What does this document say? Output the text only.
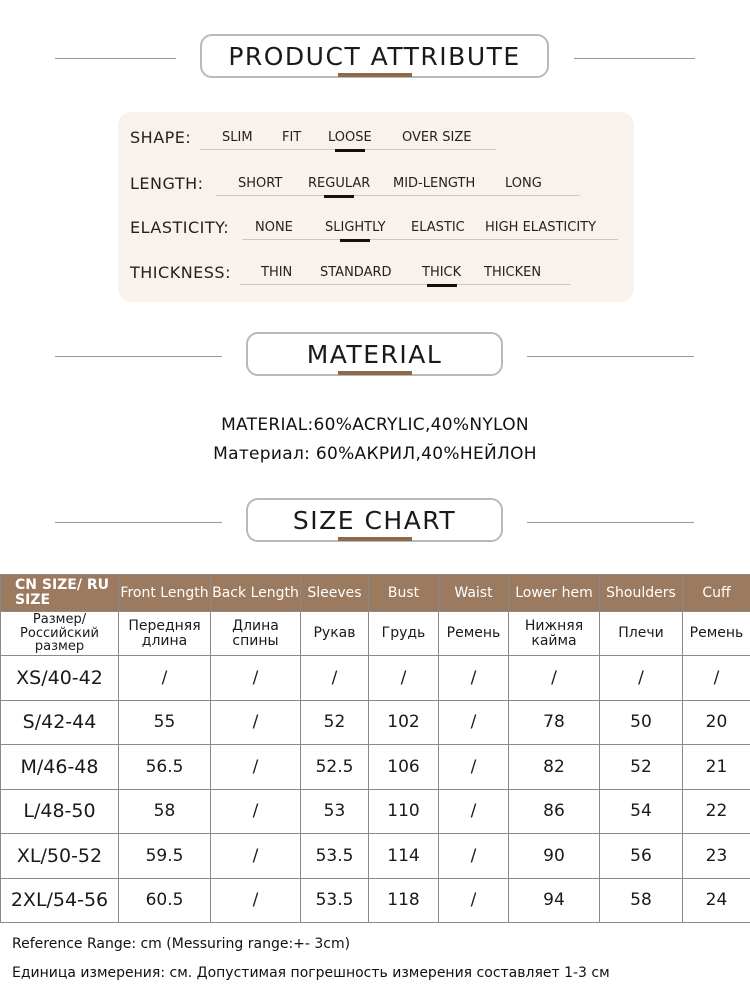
PRODUCT ATTRIBUTE
SHAPE: SLIM FIT LOOSE OVER SIZE
LENGTH:	SHORT REGULAR MID-LENGTH LONG
ELASTICITY: NONE SLIGHTLY ELASTIC HIGH ELASTICITY
THICKNESS: THIN STANDARD THICK THICKEN
MATERIAL
MATERIAL:60%ACRYLIC,40%NYLON
Материал: 60%АКРИЛ,40%НЕЙЛОН
SIZE CHART
CN SIZE/ RU SIZE	Front Length	Back Length	Sleeves	Bust	Waist	Lower hem	Shoulders	Cuff
Размер/ Российский размер	Передняя длина	Длина спины	Рукав	Грудь	Ремень	Нижняя кайма	Плечи	Ремень
XS/40-42	/	/	/	/	/	/	/	/
S/42-44	55	/	52	102	/	78	50	20
M/46-48	56.5	/	52.5	106	/	82	52	21
L/48-50	58	/	53	110	/	86	54	22
XL/50-52	59.5	/	53.5	114	/	90	56	23
2XL/54-56	60.5	/	53.5	118	/	94	58	24
Reference Range: cm (Messuring range:+- 3cm)
Единица измерения: см. Допустимая погрешность измерения составляет 1-3 см
